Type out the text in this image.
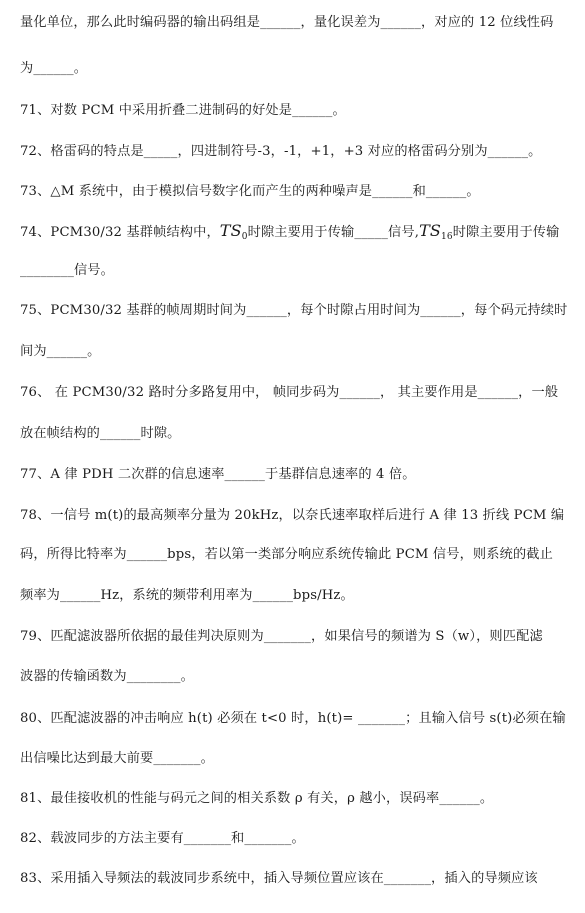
量化单位，那么此时编码器的输出码组是______，量化误差为______，对应的 12 位线性码
为______。
71、对数 PCM 中采用折叠二进制码的好处是______。
72、格雷码的特点是_____，四进制符号-3，-1，+1，+3 对应的格雷码分别为______。
73、△M 系统中，由于模拟信号数字化而产生的两种噪声是______和______。
74、PCM30/32 基群帧结构中，$TS_0$时隙主要用于传输_____信号$,TS_{16}$时隙主要用于传输
________信号。
75、PCM30/32 基群的帧周期时间为______，每个时隙占用时间为______，每个码元持续时
间为______。
76、 在 PCM30/32 路时分多路复用中， 帧同步码为______， 其主要作用是______，一般
放在帧结构的______时隙。
77、A 律 PDH 二次群的信息速率______于基群信息速率的 4 倍。
78、一信号 m(t)的最高频率分量为 20kHz，以奈氏速率取样后进行 A 律 13 折线 PCM 编
码，所得比特率为______bps，若以第一类部分响应系统传输此 PCM 信号，则系统的截止
频率为______Hz，系统的频带利用率为______bps/Hz。
79、匹配滤波器所依据的最佳判决原则为_______，如果信号的频谱为 S（w），则匹配滤
波器的传输函数为________。
80、匹配滤波器的冲击响应 h(t) 必须在 t<0 时，h(t)= _______；且输入信号 s(t)必须在输
出信噪比达到最大前要_______。
81、最佳接收机的性能与码元之间的相关系数 ρ 有关，ρ 越小，误码率______。
82、载波同步的方法主要有_______和_______。
83、采用插入导频法的载波同步系统中，插入导频位置应该在_______，插入的导频应该
